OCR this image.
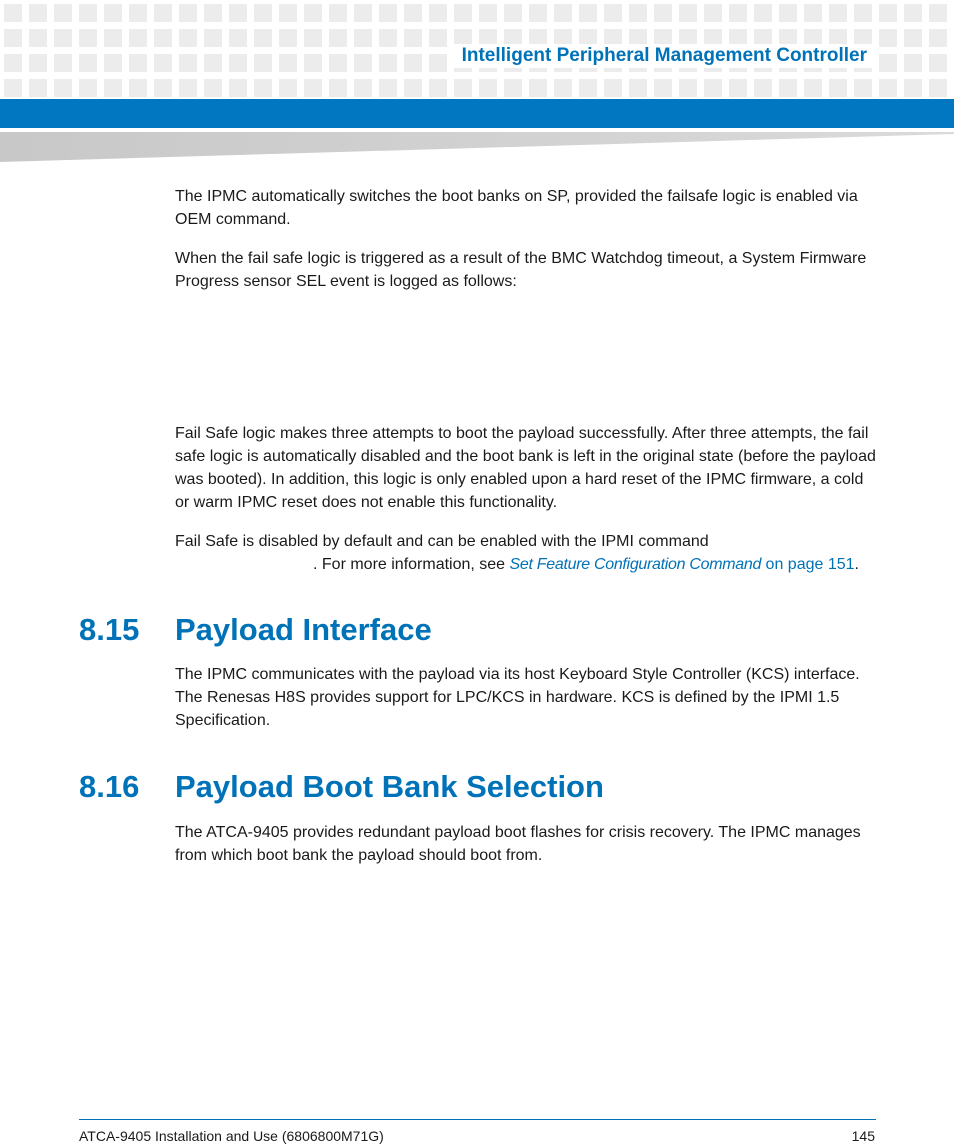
Intelligent Peripheral Management Controller

The IPMC automatically switches the boot banks on SP, provided the failsafe logic is enabled via OEM command.

When the fail safe logic is triggered as a result of the BMC Watchdog timeout, a System Firmware Progress sensor SEL event is logged as follows:

Fail Safe logic makes three attempts to boot the payload successfully. After three attempts, the fail safe logic is automatically disabled and the boot bank is left in the original state (before the payload was booted). In addition, this logic is only enabled upon a hard reset of the IPMC firmware, a cold or warm IPMC reset does not enable this functionality.

Fail Safe is disabled by default and can be enabled with the IPMI command

. For more information, see Set Feature Configuration Command on page 151.

8.15 Payload Interface

The IPMC communicates with the payload via its host Keyboard Style Controller (KCS) interface. The Renesas H8S provides support for LPC/KCS in hardware. KCS is defined by the IPMI 1.5 Specification.

8.16 Payload Boot Bank Selection

The ATCA-9405 provides redundant payload boot flashes for crisis recovery. The IPMC manages from which boot bank the payload should boot from.

ATCA-9405 Installation and Use (6806800M71G)	145
